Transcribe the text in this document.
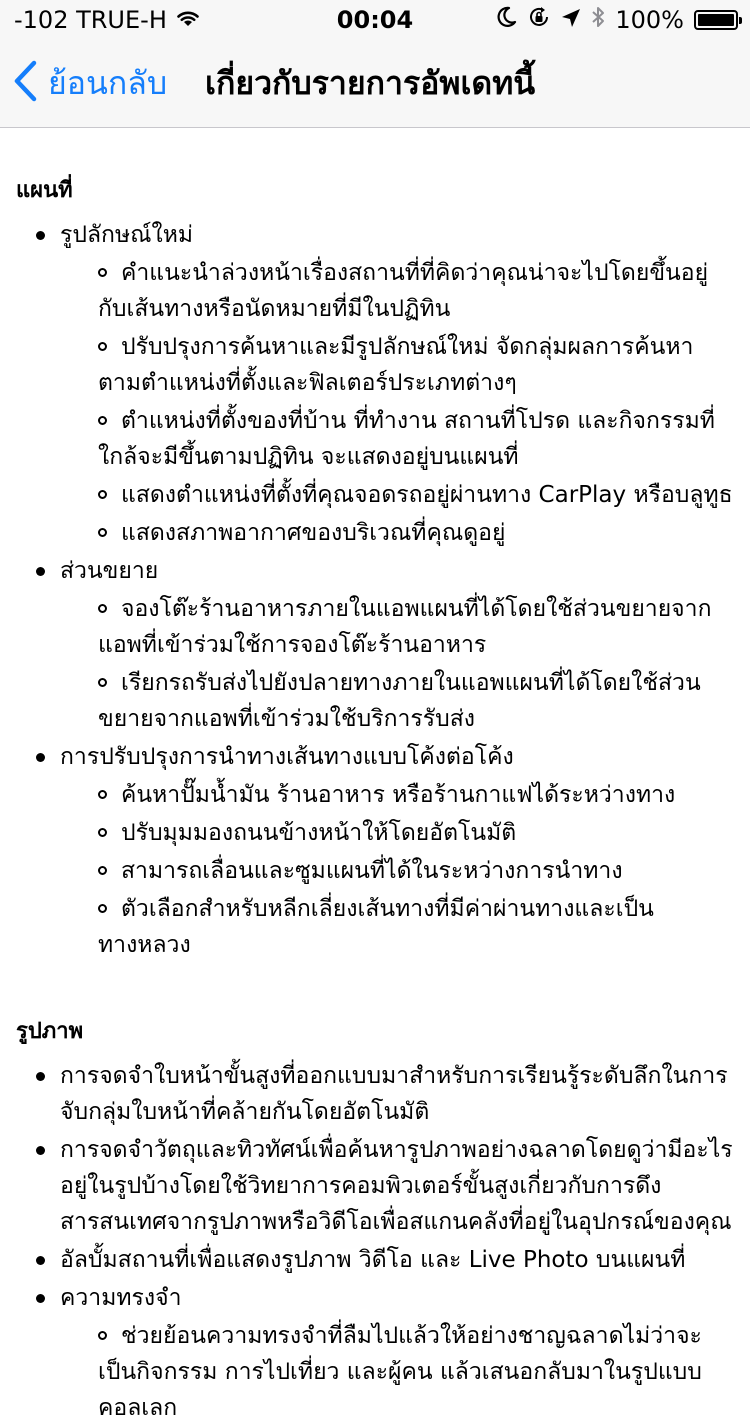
-102 TRUE-H	00:04	100%
ย้อนกลับ เกี่ยวกับรายการอัพเดทนี้
แผนที่
รูปลักษณ์ใหม่
คำแนะนำล่วงหน้าเรื่องสถานที่ที่คิดว่าคุณน่าจะไปโดยขึ้นอยู่กับเส้นทางหรือนัดหมายที่มีในปฏิทิน
ปรับปรุงการค้นหาและมีรูปลักษณ์ใหม่ จัดกลุ่มผลการค้นหาตามตำแหน่งที่ตั้งและฟิลเตอร์ประเภทต่างๆ
ตำแหน่งที่ตั้งของที่บ้าน ที่ทำงาน สถานที่โปรด และกิจกรรมที่ใกล้จะมีขึ้นตามปฏิทิน จะแสดงอยู่บนแผนที่
แสดงตำแหน่งที่ตั้งที่คุณจอดรถอยู่ผ่านทาง CarPlay หรือบลูทูธ
แสดงสภาพอากาศของบริเวณที่คุณดูอยู่
ส่วนขยาย
จองโต๊ะร้านอาหารภายในแอพแผนที่ได้โดยใช้ส่วนขยายจากแอพที่เข้าร่วมใช้การจองโต๊ะร้านอาหาร
เรียกรถรับส่งไปยังปลายทางภายในแอพแผนที่ได้โดยใช้ส่วนขยายจากแอพที่เข้าร่วมใช้บริการรับส่ง
การปรับปรุงการนำทางเส้นทางแบบโค้งต่อโค้ง
ค้นหาปั๊มน้ำมัน ร้านอาหาร หรือร้านกาแฟได้ระหว่างทาง
ปรับมุมมองถนนข้างหน้าให้โดยอัตโนมัติ
สามารถเลื่อนและซูมแผนที่ได้ในระหว่างการนำทาง
ตัวเลือกสำหรับหลีกเลี่ยงเส้นทางที่มีค่าผ่านทางและเป็นทางหลวง
รูปภาพ
การจดจำใบหน้าขั้นสูงที่ออกแบบมาสำหรับการเรียนรู้ระดับลึกในการจับกลุ่มใบหน้าที่คล้ายกันโดยอัตโนมัติ
การจดจำวัตถุและทิวทัศน์เพื่อค้นหารูปภาพอย่างฉลาดโดยดูว่ามีอะไรอยู่ในรูปบ้างโดยใช้วิทยาการคอมพิวเตอร์ขั้นสูงเกี่ยวกับการดึงสารสนเทศจากรูปภาพหรือวิดีโอเพื่อสแกนคลังที่อยู่ในอุปกรณ์ของคุณ
อัลบั้มสถานที่เพื่อแสดงรูปภาพ วิดีโอ และ Live Photo บนแผนที่
ความทรงจำ
ช่วยย้อนความทรงจำที่ลืมไปแล้วให้อย่างชาญฉลาดไม่ว่าจะเป็นกิจกรรม การไปเที่ยว และผู้คน แล้วเสนอกลับมาในรูปแบบคอลเลก
